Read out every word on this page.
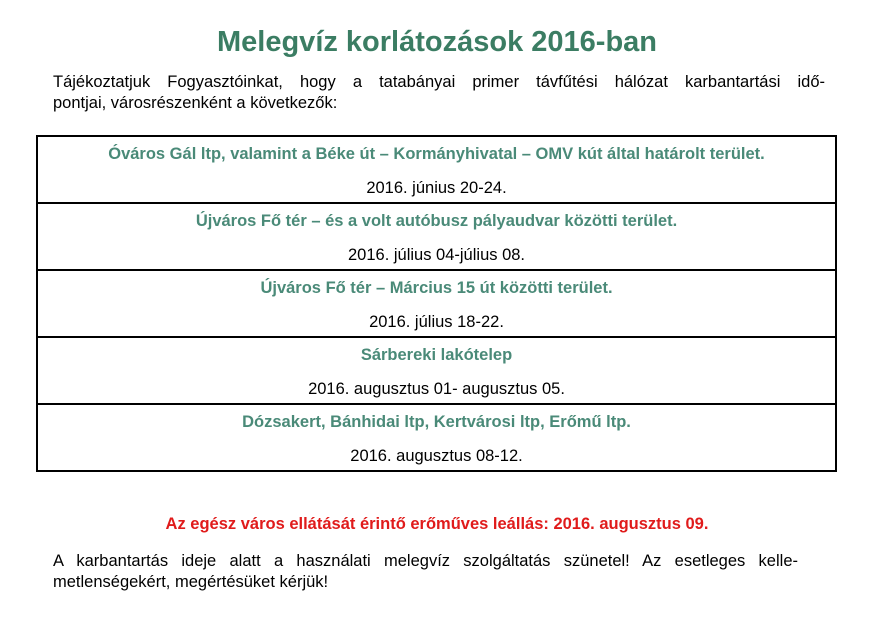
Melegvíz korlátozások 2016-ban
Tájékoztatjuk Fogyasztóinkat, hogy a tatabányai primer távfűtési hálózat karbantartási idő-
pontjai, városrészenként a következők:
Óváros Gál ltp, valamint a Béke út – Kormányhivatal – OMV kút által határolt terület.
2016. június 20-24.

Újváros Fő tér – és a volt autóbusz pályaudvar közötti terület.
2016. július 04-július 08.

Újváros Fő tér – Március 15 út közötti terület.
2016. július 18-22.

Sárbereki lakótelep
2016. augusztus 01- augusztus 05.

Dózsakert, Bánhidai ltp, Kertvárosi ltp, Erőmű ltp.
2016. augusztus 08-12.
Az egész város ellátását érintő erőműves leállás: 2016. augusztus 09.
A karbantartás ideje alatt a használati melegvíz szolgáltatás szünetel! Az esetleges kelle-
metlenségekért, megértésüket kérjük!
